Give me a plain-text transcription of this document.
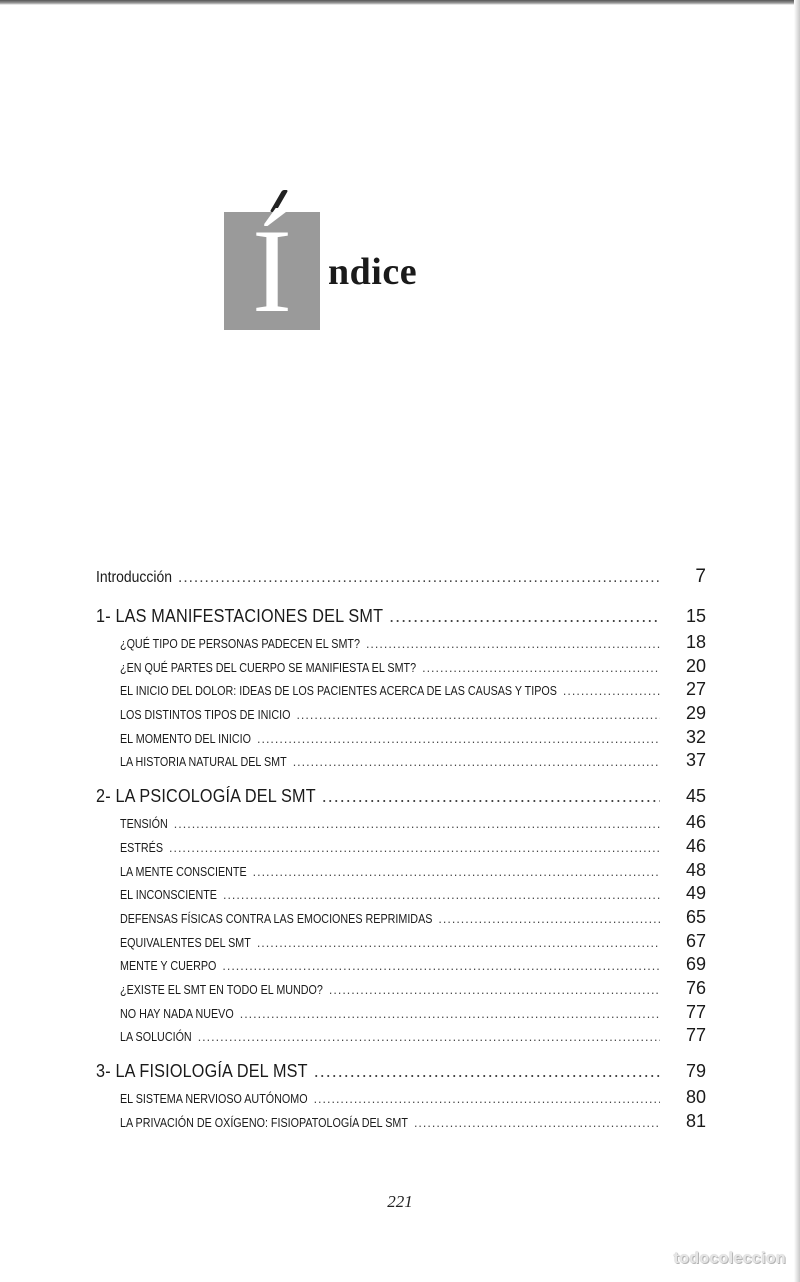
Í ndice
Introducción .....	7
1- LAS MANIFESTACIONES DEL SMT .....	15
¿QUÉ TIPO DE PERSONAS PADECEN EL SMT? .....	18
¿EN QUÉ PARTES DEL CUERPO SE MANIFIESTA EL SMT? .....	20
EL INICIO DEL DOLOR: IDEAS DE LOS PACIENTES ACERCA DE LAS CAUSAS Y TIPOS .....	27
LOS DISTINTOS TIPOS DE INICIO .....	29
EL MOMENTO DEL INICIO .....	32
LA HISTORIA NATURAL DEL SMT .....	37
2- LA PSICOLOGÍA DEL SMT .....	45
TENSIÓN .....	46
ESTRÉS .....	46
LA MENTE CONSCIENTE .....	48
EL INCONSCIENTE .....	49
DEFENSAS FÍSICAS CONTRA LAS EMOCIONES REPRIMIDAS .....	65
EQUIVALENTES DEL SMT .....	67
MENTE Y CUERPO .....	69
¿EXISTE EL SMT EN TODO EL MUNDO? .....	76
NO HAY NADA NUEVO .....	77
LA SOLUCIÓN .....	77
3- LA FISIOLOGÍA DEL MST .....	79
EL SISTEMA NERVIOSO AUTÓNOMO .....	80
LA PRIVACIÓN DE OXÍGENO: FISIOPATOLOGÍA DEL SMT .....	81
221
todocoleccion
